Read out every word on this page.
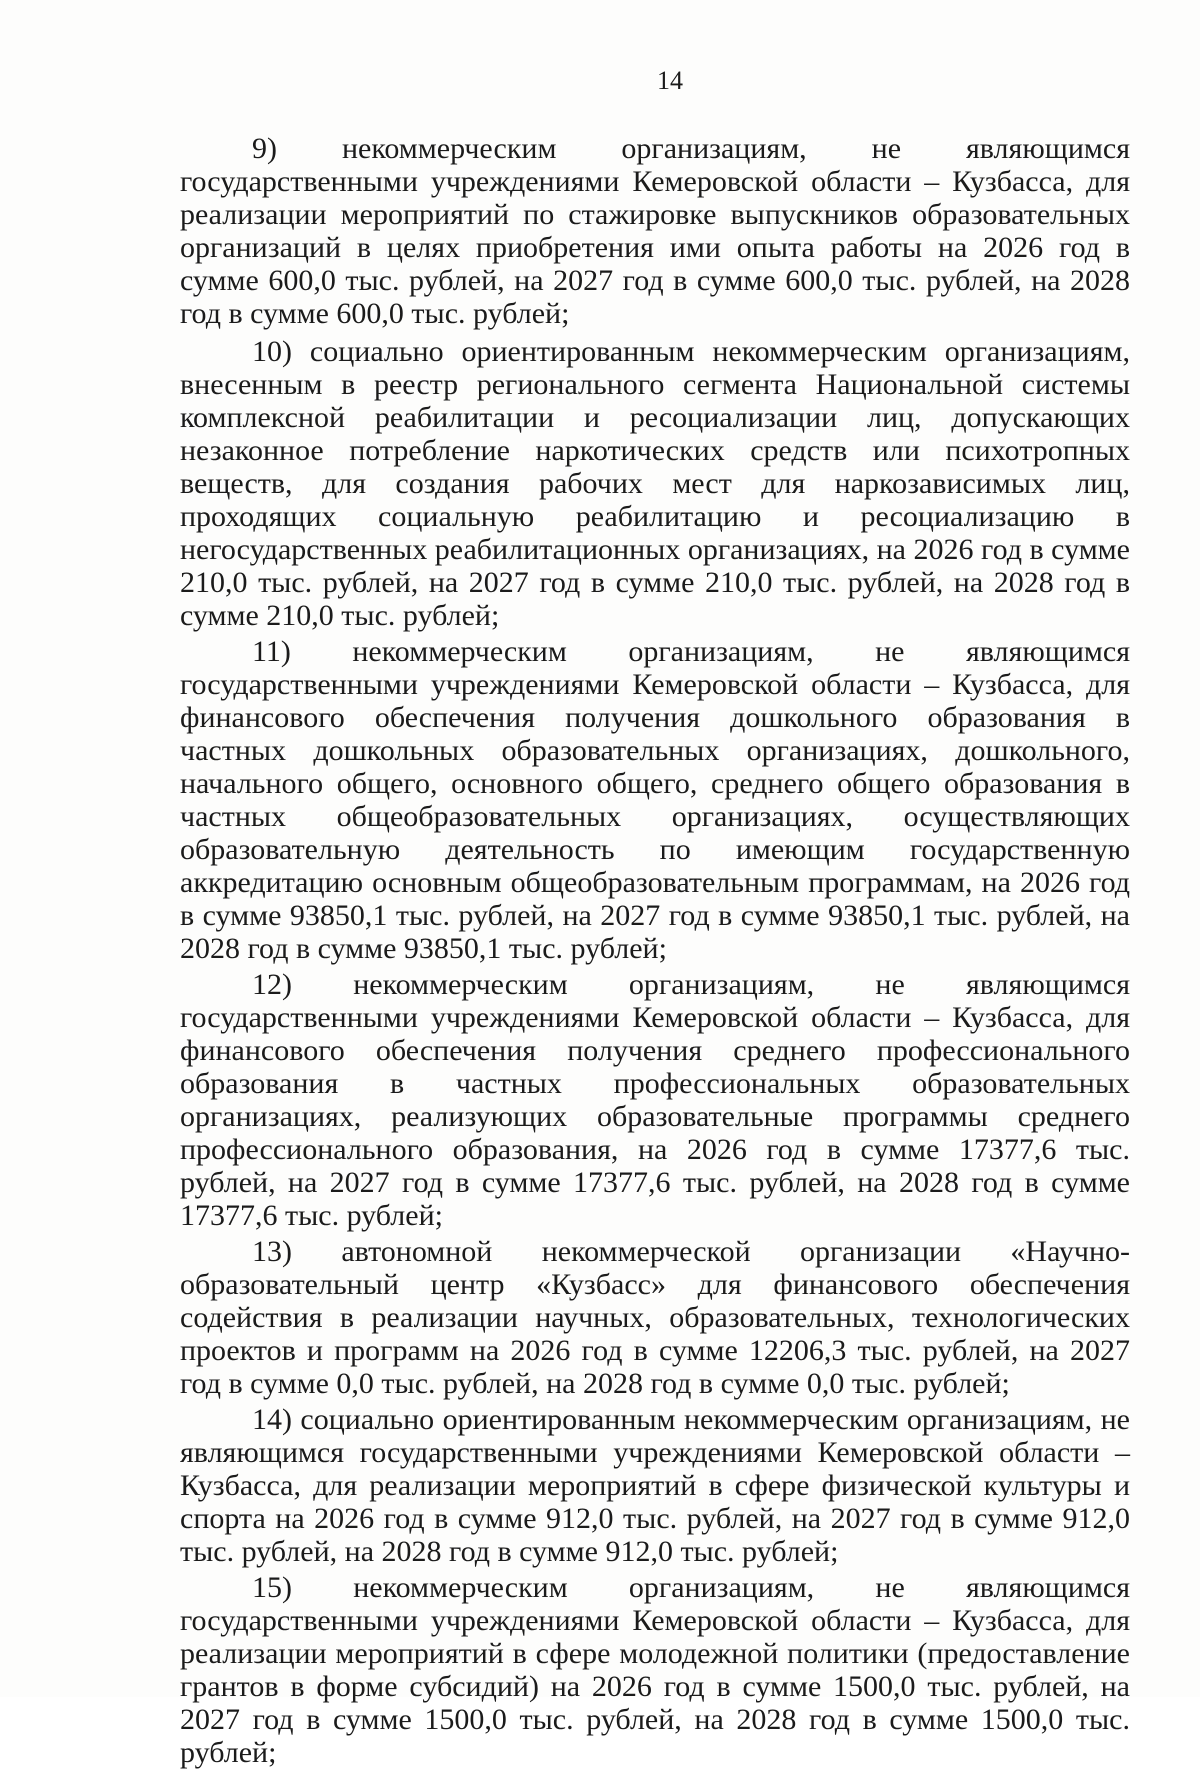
14

9) некоммерческим организациям, не являющимся государственными учреждениями Кемеровской области – Кузбасса, для реализации мероприятий по стажировке выпускников образовательных организаций в целях приобретения ими опыта работы на 2026 год в сумме 600,0 тыс. рублей, на 2027 год в сумме 600,0 тыс. рублей, на 2028 год в сумме 600,0 тыс. рублей;

10) социально ориентированным некоммерческим организациям, внесенным в реестр регионального сегмента Национальной системы комплексной реабилитации и ресоциализации лиц, допускающих незаконное потребление наркотических средств или психотропных веществ, для создания рабочих мест для наркозависимых лиц, проходящих социальную реабилитацию и ресоциализацию в негосударственных реабилитационных организациях, на 2026 год в сумме 210,0 тыс. рублей, на 2027 год в сумме 210,0 тыс. рублей, на 2028 год в сумме 210,0 тыс. рублей;

11) некоммерческим организациям, не являющимся государственными учреждениями Кемеровской области – Кузбасса, для финансового обеспечения получения дошкольного образования в частных дошкольных образовательных организациях, дошкольного, начального общего, основного общего, среднего общего образования в частных общеобразовательных организациях, осуществляющих образовательную деятельность по имеющим государственную аккредитацию основным общеобразовательным программам, на 2026 год в сумме 93850,1 тыс. рублей, на 2027 год в сумме 93850,1 тыс. рублей, на 2028 год в сумме 93850,1 тыс. рублей;

12) некоммерческим организациям, не являющимся государственными учреждениями Кемеровской области – Кузбасса, для финансового обеспечения получения среднего профессионального образования в частных профессиональных образовательных организациях, реализующих образовательные программы среднего профессионального образования, на 2026 год в сумме 17377,6 тыс. рублей, на 2027 год в сумме 17377,6 тыс. рублей, на 2028 год в сумме 17377,6 тыс. рублей;

13) автономной некоммерческой организации «Научно-образовательный центр «Кузбасс» для финансового обеспечения содействия в реализации научных, образовательных, технологических проектов и программ на 2026 год в сумме 12206,3 тыс. рублей, на 2027 год в сумме 0,0 тыс. рублей, на 2028 год в сумме 0,0 тыс. рублей;

14) социально ориентированным некоммерческим организациям, не являющимся государственными учреждениями Кемеровской области – Кузбасса, для реализации мероприятий в сфере физической культуры и спорта на 2026 год в сумме 912,0 тыс. рублей, на 2027 год в сумме 912,0 тыс. рублей, на 2028 год в сумме 912,0 тыс. рублей;

15) некоммерческим организациям, не являющимся государственными учреждениями Кемеровской области – Кузбасса, для реализации мероприятий в сфере молодежной политики (предоставление грантов в форме субсидий) на 2026 год в сумме 1500,0 тыс. рублей, на 2027 год в сумме 1500,0 тыс. рублей, на 2028 год в сумме 1500,0 тыс. рублей;
